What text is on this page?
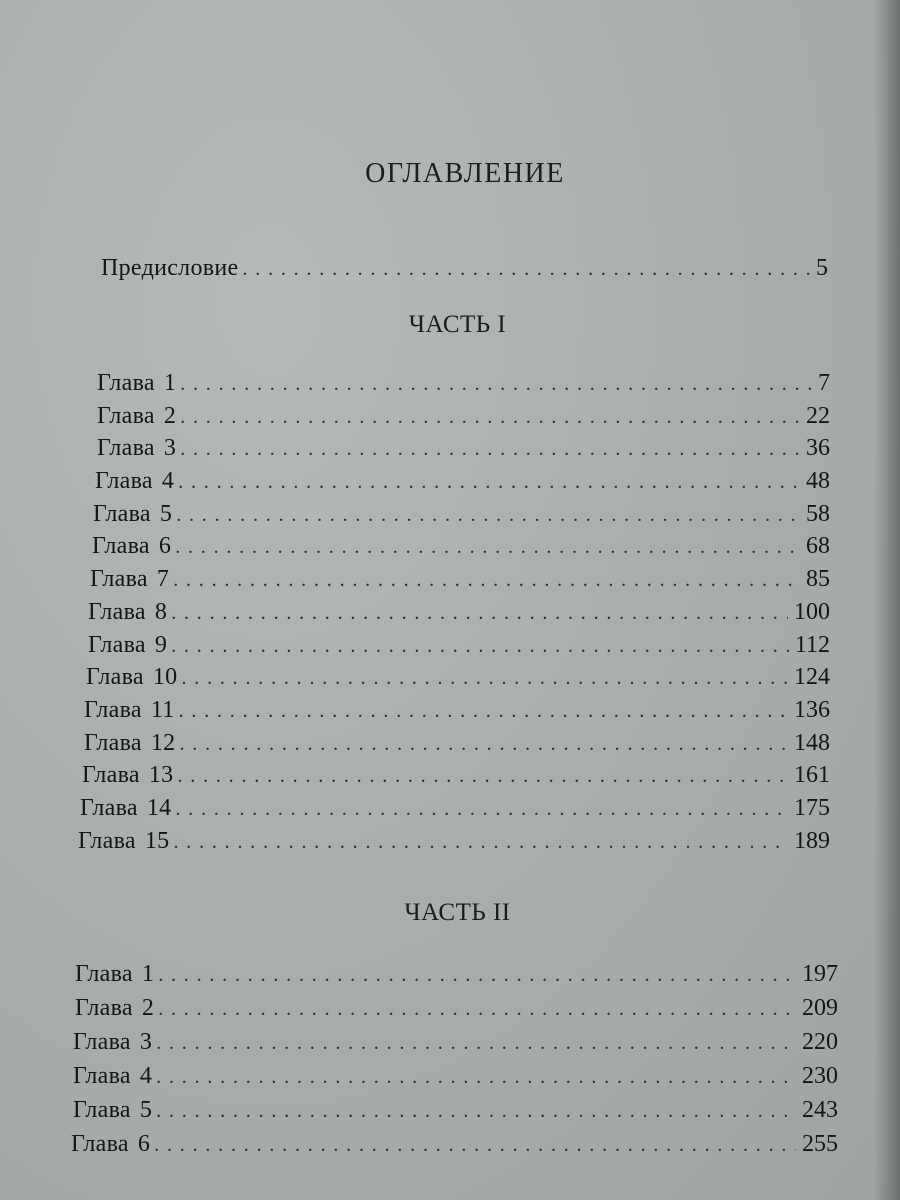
ОГЛАВЛЕНИЕ
Предисловие . . .	5
ЧАСТЬ I
Глава 1 . . .	7
Глава 2 . . .	22
Глава 3 . . .	36
Глава 4 . . .	48
Глава 5 . . .	58
Глава 6 . . .	68
Глава 7 . . .	85
Глава 8 . . .	100
Глава 9 . . .	112
Глава 10 . . .	124
Глава 11 . . .	136
Глава 12 . . .	148
Глава 13 . . .	161
Глава 14 . . .	175
Глава 15 . . .	189
ЧАСТЬ II
Глава 1 . . .	197
Глава 2 . . .	209
Глава 3 . . .	220
Глава 4 . . .	230
Глава 5 . . .	243
Глава 6 . . .	255
